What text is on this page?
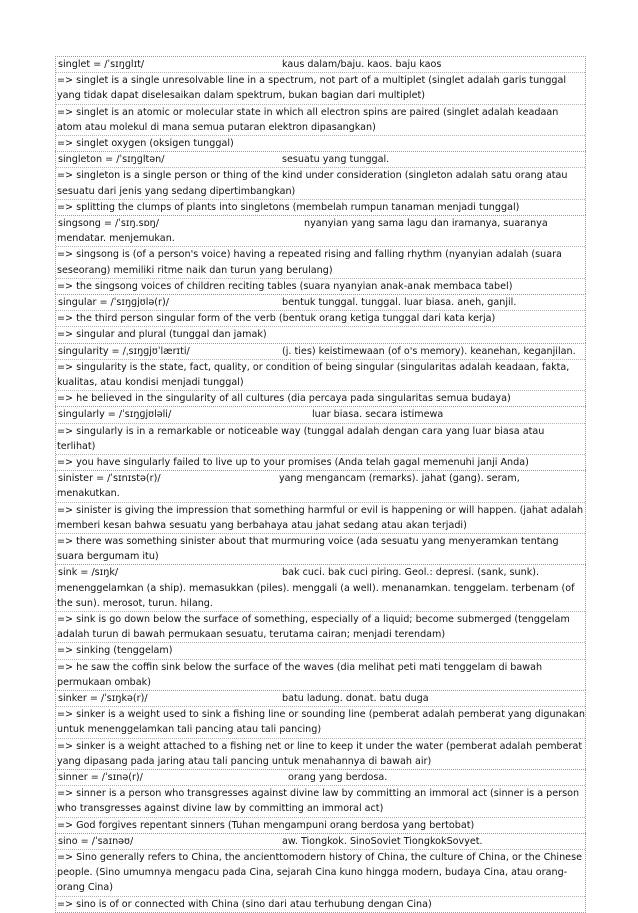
singlet = /ˈsɪŋɡlɪt/	kaus dalam/baju. kaos. baju kaos
=> singlet is a single unresolvable line in a spectrum, not part of a multiplet (singlet adalah garis tunggal yang tidak dapat diselesaikan dalam spektrum, bukan bagian dari multiplet)
=> singlet is an atomic or molecular state in which all electron spins are paired (singlet adalah keadaan atom atau molekul di mana semua putaran elektron dipasangkan)
=> singlet oxygen (oksigen tunggal)
singleton = /ˈsɪŋɡltən/	sesuatu yang tunggal.
=> singleton is a single person or thing of the kind under consideration (singleton adalah satu orang atau sesuatu dari jenis yang sedang dipertimbangkan)
=> splitting the clumps of plants into singletons (membelah rumpun tanaman menjadi tunggal)
singsong = /ˈsɪŋ.sɒŋ/	nyanyian yang sama lagu dan iramanya, suaranya
mendatar. menjemukan.
=> singsong is (of a person's voice) having a repeated rising and falling rhythm (nyanyian adalah (suara seseorang) memiliki ritme naik dan turun yang berulang)
=> the singsong voices of children reciting tables (suara nyanyian anak-anak membaca tabel)
singular = /ˈsɪŋɡjʊlə(r)/	bentuk tunggal. tunggal. luar biasa. aneh, ganjil.
=> the third person singular form of the verb (bentuk orang ketiga tunggal dari kata kerja)
=> singular and plural (tunggal dan jamak)
singularity = /ˌsɪŋɡjʊˈlærɪti/	(j. ties) keistimewaan (of o's memory). keanehan, keganjilan.
=> singularity is the state, fact, quality, or condition of being singular (singularitas adalah keadaan, fakta, kualitas, atau kondisi menjadi tunggal)
=> he believed in the singularity of all cultures (dia percaya pada singularitas semua budaya)
singularly = /ˈsɪŋɡjʊləli/	luar biasa. secara istimewa
=> singularly is in a remarkable or noticeable way (tunggal adalah dengan cara yang luar biasa atau terlihat)
=> you have singularly failed to live up to your promises (Anda telah gagal memenuhi janji Anda)
sinister = /ˈsɪnɪstə(r)/	yang mengancam (remarks). jahat (gang). seram,
menakutkan.
=> sinister is giving the impression that something harmful or evil is happening or will happen. (jahat adalah memberi kesan bahwa sesuatu yang berbahaya atau jahat sedang atau akan terjadi)
=> there was something sinister about that murmuring voice (ada sesuatu yang menyeramkan tentang suara bergumam itu)
sink = /sɪŋk/	bak cuci. bak cuci piring. Geol.: depresi. (sank, sunk).
menenggelamkan (a ship). memasukkan (piles). menggali (a well). menanamkan. tenggelam. terbenam (of the sun). merosot, turun. hilang.
=> sink is go down below the surface of something, especially of a liquid; become submerged (tenggelam adalah turun di bawah permukaan sesuatu, terutama cairan; menjadi terendam)
=> sinking (tenggelam)
=> he saw the coffin sink below the surface of the waves (dia melihat peti mati tenggelam di bawah permukaan ombak)
sinker = /ˈsɪŋkə(r)/	batu ladung. donat. batu duga
=> sinker is a weight used to sink a fishing line or sounding line (pemberat adalah pemberat yang digunakan untuk menenggelamkan tali pancing atau tali pancing)
=> sinker is a weight attached to a fishing net or line to keep it under the water (pemberat adalah pemberat yang dipasang pada jaring atau tali pancing untuk menahannya di bawah air)
sinner = /ˈsɪnə(r)/	orang yang berdosa.
=> sinner is a person who transgresses against divine law by committing an immoral act (sinner is a person who transgresses against divine law by committing an immoral act)
=> God forgives repentant sinners (Tuhan mengampuni orang berdosa yang bertobat)
sino = /ˈsaɪnəʊ/	aw. Tiongkok. SinoSoviet TiongkokSovyet.
=> Sino generally refers to China, the ancienttomodern history of China, the culture of China, or the Chinese people. (Sino umumnya mengacu pada Cina, sejarah Cina kuno hingga modern, budaya Cina, atau orang-orang Cina)
=> sino is of or connected with China (sino dari atau terhubung dengan Cina)
